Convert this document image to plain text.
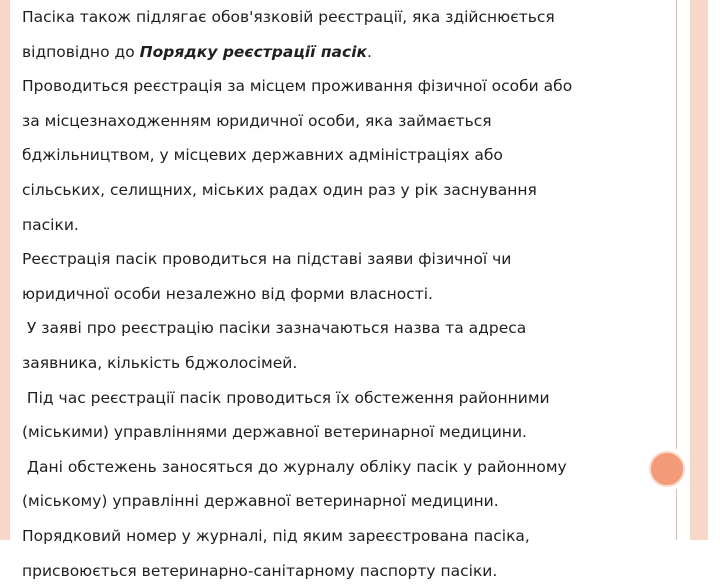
Пасіка також підлягає обов'язковій реєстрації, яка здійснюється

відповідно до Порядку реєстрації пасік.

Проводиться реєстрація за місцем проживання фізичної особи або

за місцезнаходженням юридичної особи, яка займається

бджільництвом, у місцевих державних адміністраціях або

сільських, селищних, міських радах один раз у рік заснування

пасіки.

Реєстрація пасік проводиться на підставі заяви фізичної чи

юридичної особи незалежно від форми власності.

У заяві про реєстрацію пасіки зазначаються назва та адреса

заявника, кількість бджолосімей.

Під час реєстрації пасік проводиться їх обстеження районними

(міськими) управліннями державної ветеринарної медицини.

Дані обстежень заносяться до журналу обліку пасік у районному

(міському) управлінні державної ветеринарної медицини.

Порядковий номер у журналі, під яким зареєстрована пасіка,

присвоюється ветеринарно-санітарному паспорту пасіки.
